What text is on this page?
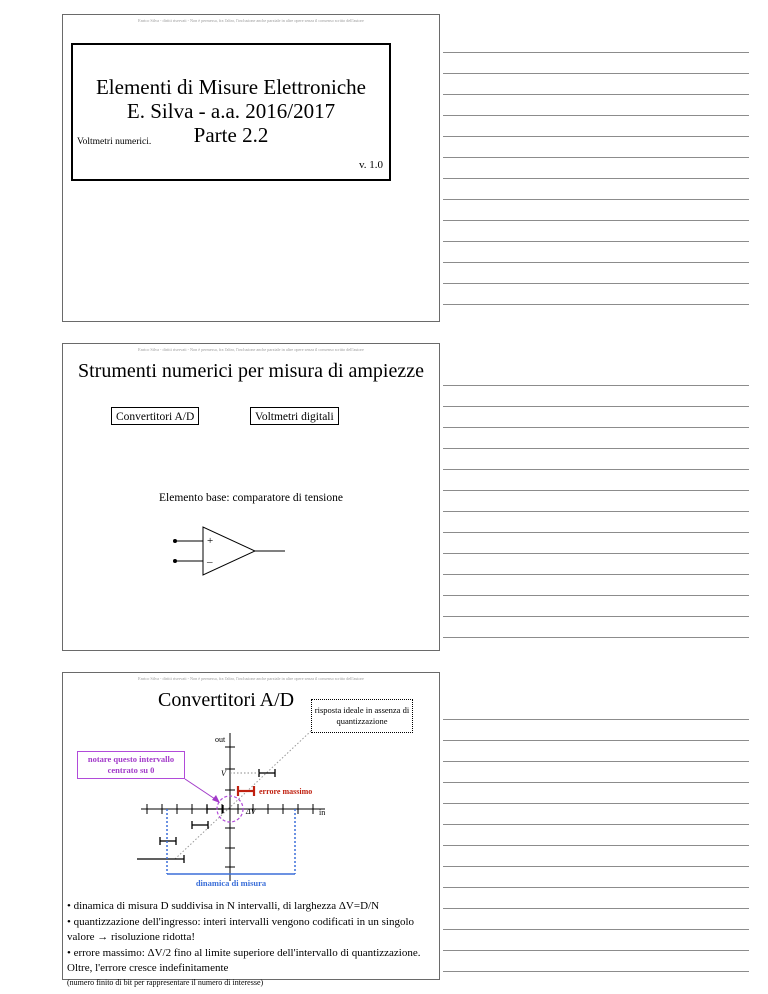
Enrico Silva - diritti riservati - Non è permessa, fra l'altro, l'inclusione anche parziale in altre opere senza il consenso scritto dell'autore
Elementi di Misure Elettroniche
E. Silva - a.a. 2016/2017
Parte 2.2
Voltmetri numerici.
v. 1.0
Enrico Silva - diritti riservati - Non è permessa, fra l'altro, l'inclusione anche parziale in altre opere senza il consenso scritto dell'autore
Strumenti numerici per misura di ampiezze
Convertitori A/D	Voltmetri digitali
Elemento base: comparatore di tensione
+
–
Enrico Silva - diritti riservati - Non è permessa, fra l'altro, l'inclusione anche parziale in altre opere senza il consenso scritto dell'autore
Convertitori A/D	risposta ideale in assenza di quantizzazione
notare questo intervallo centrato su 0
out
in
V
ΔV
errore massimo
dinamica di misura
• dinamica di misura D suddivisa in N intervalli, di larghezza ΔV=D/N
• quantizzazione dell'ingresso: interi intervalli vengono codificati in un singolo valore → risoluzione ridotta!
• errore massimo: ΔV/2 fino al limite superiore dell'intervallo di quantizzazione. Oltre, l'errore cresce indefinitamente
(numero finito di bit per rappresentare il numero di interesse)
